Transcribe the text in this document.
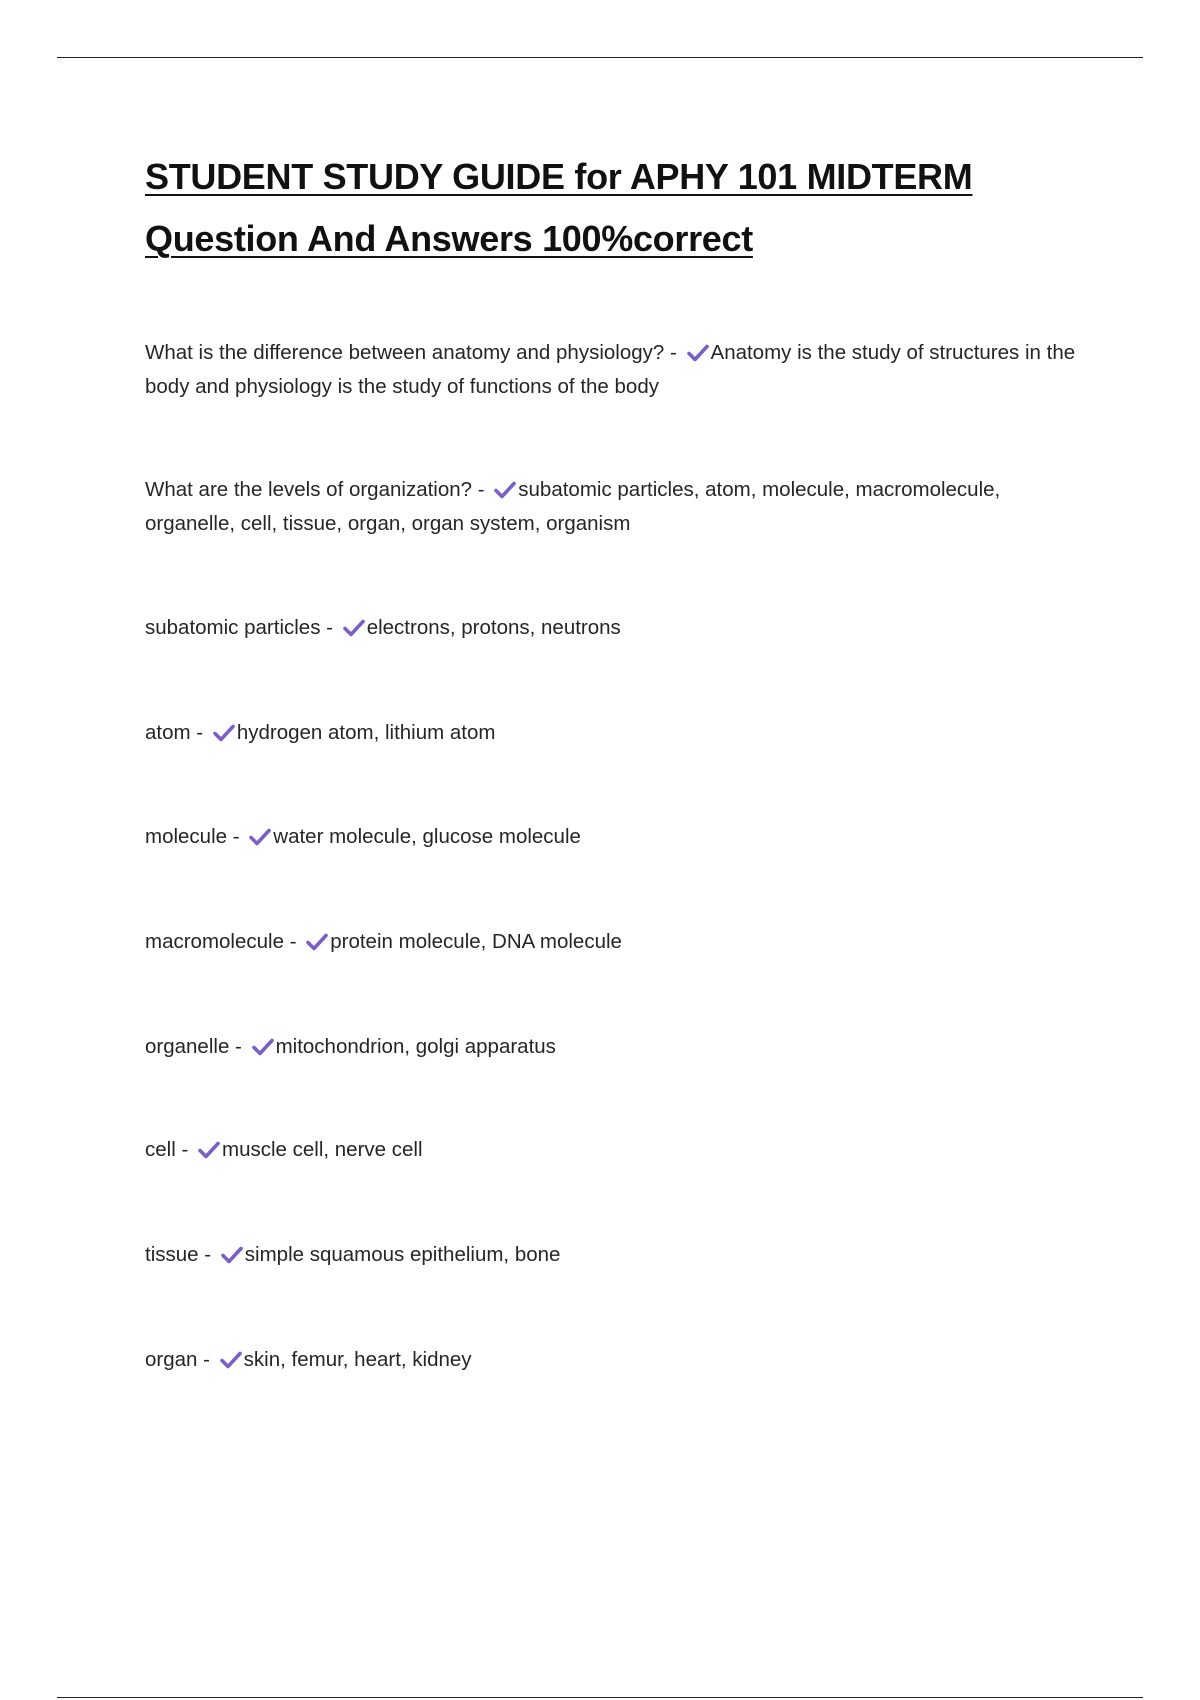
STUDENT STUDY GUIDE for APHY 101 MIDTERM
Question And Answers 100%correct

What is the difference between anatomy and physiology? - Anatomy is the study of structures in the body and physiology is the study of functions of the body

What are the levels of organization? - subatomic particles, atom, molecule, macromolecule, organelle, cell, tissue, organ, organ system, organism

subatomic particles - electrons, protons, neutrons

atom - hydrogen atom, lithium atom

molecule - water molecule, glucose molecule

macromolecule - protein molecule, DNA molecule

organelle - mitochondrion, golgi apparatus

cell - muscle cell, nerve cell

tissue - simple squamous epithelium, bone

organ - skin, femur, heart, kidney
